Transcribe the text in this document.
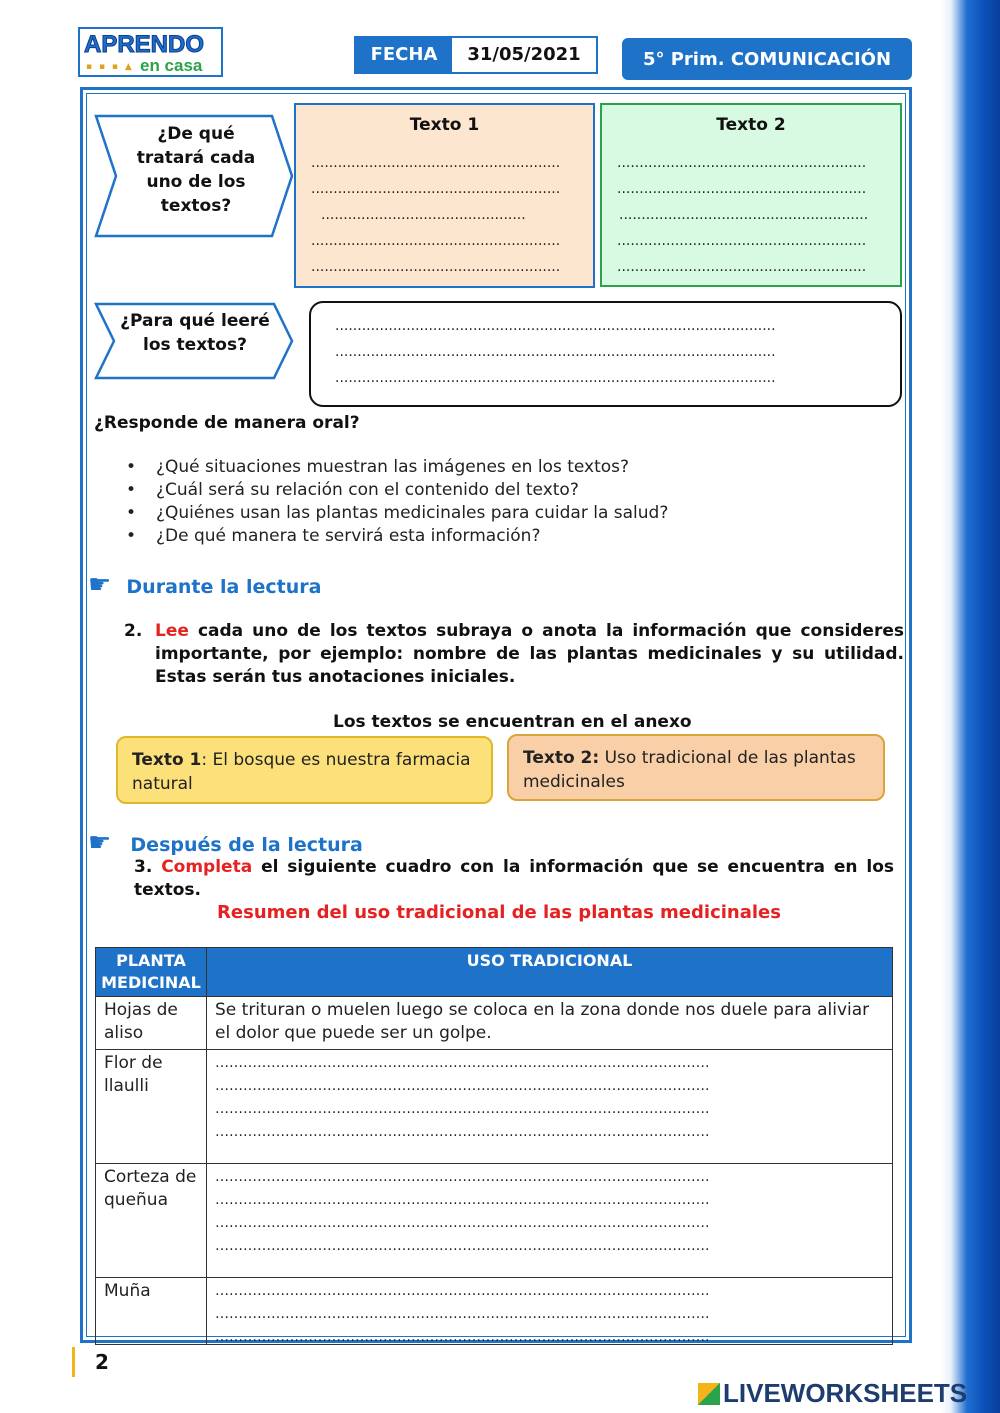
APRENDO
▪ ▪ ▪ ▲ en casa
FECHA	31/05/2021	5° Prim. COMUNICACIÓN
¿De qué tratará cada uno de los textos?
Texto 1
........................................................
........................................................
..............................................
........................................................
........................................................
Texto 2
........................................................
........................................................
........................................................
........................................................
........................................................
¿Para qué leeré los textos?
...................................................................................................
...................................................................................................
...................................................................................................
¿Responde de manera oral?
• ¿Qué situaciones muestran las imágenes en los textos?
• ¿Cuál será su relación con el contenido del texto?
• ¿Quiénes usan las plantas medicinales para cuidar la salud?
• ¿De qué manera te servirá esta información?
☛ Durante la lectura
2. Lee cada uno de los textos subraya o anota la información que consideres importante, por ejemplo: nombre de las plantas medicinales y su utilidad. Estas serán tus anotaciones iniciales.
Los textos se encuentran en el anexo
Texto 1: El bosque es nuestra farmacia natural
Texto 2: Uso tradicional de las plantas medicinales
☛ Después de la lectura
3. Completa el siguiente cuadro con la información que se encuentra en los textos.
Resumen del uso tradicional de las plantas medicinales
PLANTA MEDICINAL	USO TRADICIONAL
Hojas de aliso	Se trituran o muelen luego se coloca en la zona donde nos duele para aliviar el dolor que puede ser un golpe.
Flor de llaulli	…………………………………………………………………………………………….
…………………………………………………………………………………………….
…………………………………………………………………………………………….
…………………………………………………………………………………………….

Corteza de queñua	…………………………………………………………………………………………….
…………………………………………………………………………………………….
…………………………………………………………………………………………….
…………………………………………………………………………………………….

Muña	…………………………………………………………………………………………….
…………………………………………………………………………………………….
…………………………………………………………………………………………….
2
LIVEWORKSHEETS
